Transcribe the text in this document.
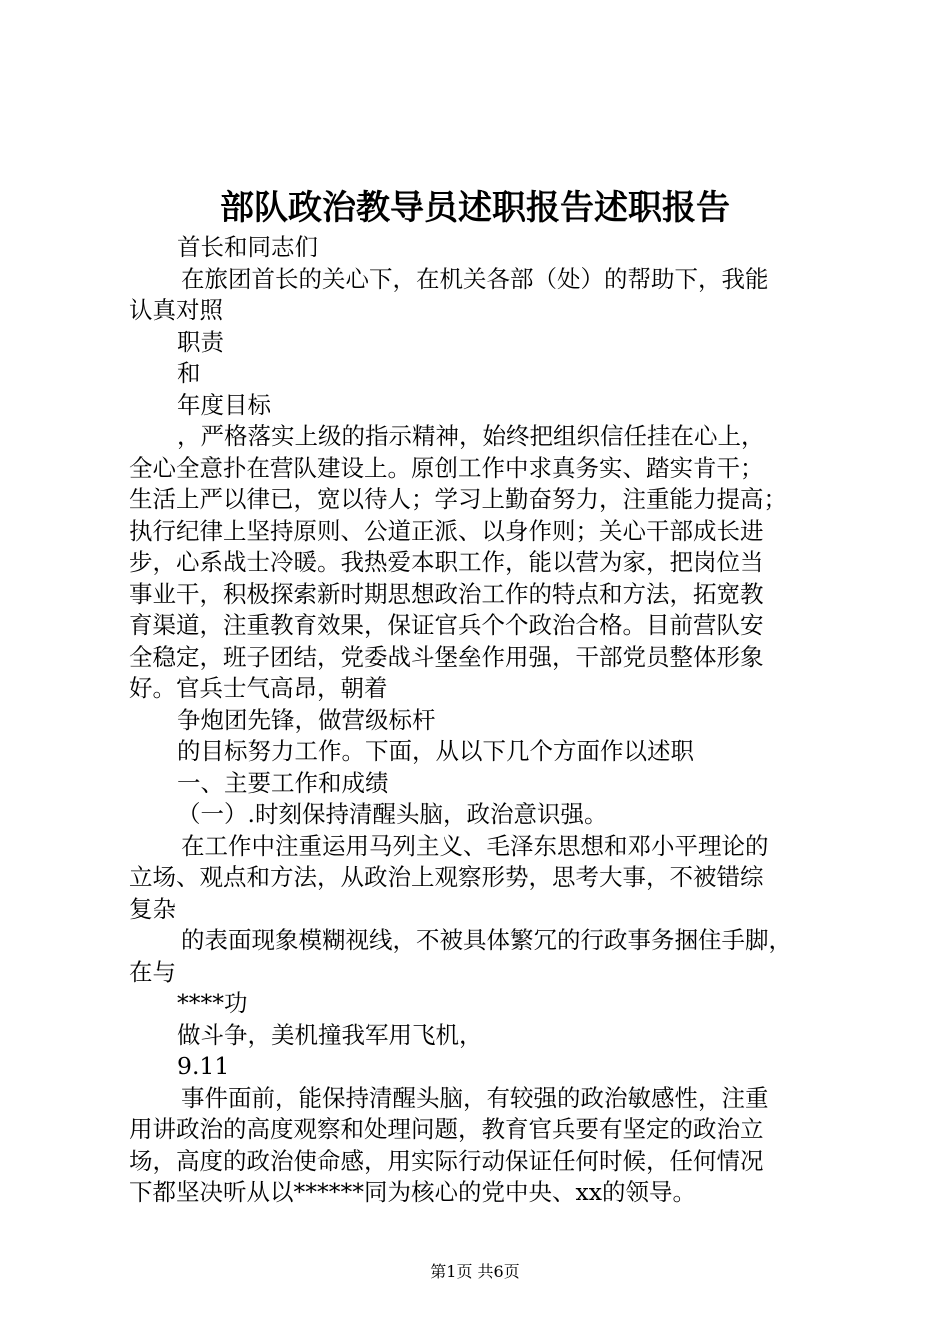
部队政治教导员述职报告述职报告
首长和同志们
在旅团首长的关心下，在机关各部（处）的帮助下，我能
认真对照
职责
和
年度目标
，严格落实上级的指示精神，始终把组织信任挂在心上，
全心全意扑在营队建设上。原创工作中求真务实、踏实肯干；
生活上严以律已，宽以待人；学习上勤奋努力，注重能力提高；
执行纪律上坚持原则、公道正派、以身作则；关心干部成长进
步，心系战士冷暖。我热爱本职工作，能以营为家，把岗位当
事业干，积极探索新时期思想政治工作的特点和方法，拓宽教
育渠道，注重教育效果，保证官兵个个政治合格。目前营队安
全稳定，班子团结，党委战斗堡垒作用强，干部党员整体形象
好。官兵士气高昂，朝着
争炮团先锋，做营级标杆
的目标努力工作。下面，从以下几个方面作以述职
一、主要工作和成绩
（一）.时刻保持清醒头脑，政治意识强。
在工作中注重运用马列主义、毛泽东思想和邓小平理论的
立场、观点和方法，从政治上观察形势，思考大事，不被错综
复杂
的表面现象模糊视线，不被具体繁冗的行政事务捆住手脚，
在与
****功
做斗争，美机撞我军用飞机，
9.11
事件面前，能保持清醒头脑，有较强的政治敏感性，注重
用讲政治的高度观察和处理问题，教育官兵要有坚定的政治立
场，高度的政治使命感，用实际行动保证任何时候，任何情况
下都坚决听从以******同为核心的党中央、xx的领导。
第1页 共6页
